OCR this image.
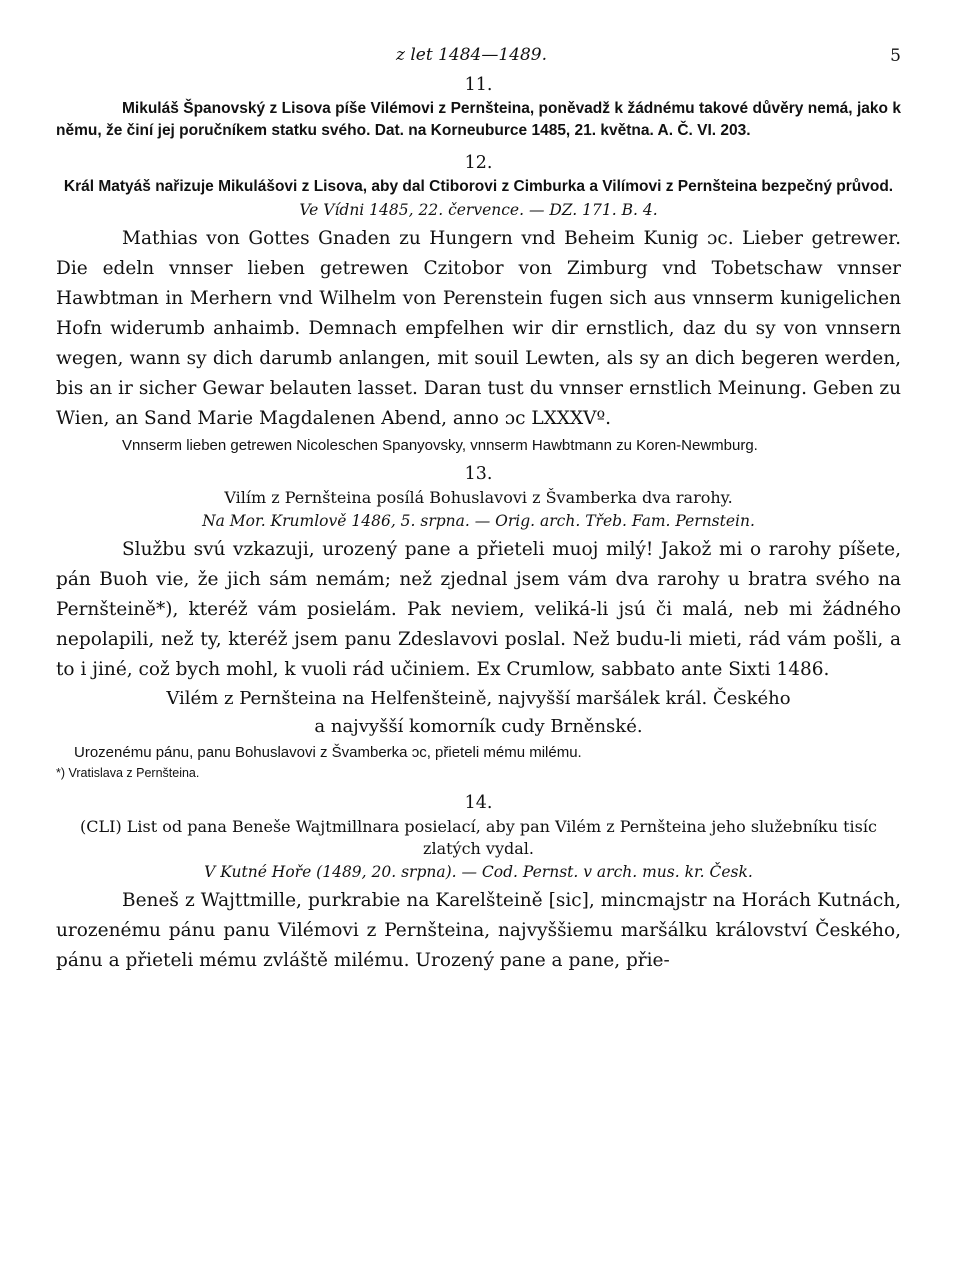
z let 1484—1489.	5

11.

Mikuláš Španovský z Lisova píše Vilémovi z Pernšteina, poněvadž k žádnému takové důvěry nemá, jako k němu, že činí jej poručníkem statku svého. Dat. na Korneuburce 1485, 21. května. A. Č. VI. 203.

12.

Král Matyáš nařizuje Mikulášovi z Lisova, aby dal Ctiborovi z Cimburka a Vilímovi z Pernšteina bezpečný průvod.

Ve Vídni 1485, 22. července. — DZ. 171. B. 4.

Mathias von Gottes Gnaden zu Hungern vnd Beheim Kunig ɔc. Lieber getrewer. Die edeln vnnser lieben getrewen Czitobor von Zimburg vnd Tobetschaw vnnser Hawbtman in Merhern vnd Wilhelm von Perenstein fugen sich aus vnnserm kunigelichen Hofn widerumb anhaimb. Demnach empfelhen wir dir ernstlich, daz du sy von vnnsern wegen, wann sy dich darumb anlangen, mit souil Lewten, als sy an dich begeren werden, bis an ir sicher Gewar belauten lasset. Daran tust du vnnser ernstlich Meinung. Geben zu Wien, an Sand Marie Magdalenen Abend, anno ɔc LXXXVº.

Vnnserm lieben getrewen Nicoleschen Spanyovsky, vnnserm Hawbtmann zu Koren-Newmburg.

13.

Vilím z Pernšteina posílá Bohuslavovi z Švamberka dva rarohy.

Na Mor. Krumlově 1486, 5. srpna. — Orig. arch. Třeb. Fam. Pernstein.

Službu svú vzkazuji, urozený pane a přieteli muoj milý! Jakož mi o rarohy píšete, pán Buoh vie, že jich sám nemám; než zjednal jsem vám dva rarohy u bratra svého na Pernšteině*), kteréž vám posielám. Pak neviem, veliká-li jsú či malá, neb mi žádného nepolapili, než ty, kteréž jsem panu Zdeslavovi poslal. Než budu-li mieti, rád vám pošli, a to i jiné, což bych mohl, k vuoli rád učiniem. Ex Crumlow, sabbato ante Sixti 1486.

Vilém z Pernšteina na Helfenšteině, najvyšší maršálek král. Českého

a najvyšší komorník cudy Brněnské.

Urozenému pánu, panu Bohuslavovi z Švamberka ɔc, přieteli mému milému.

*) Vratislava z Pernšteina.

14.

(CLI) List od pana Beneše Wajtmillnara posielací, aby pan Vilém z Pernšteina jeho služebníku tisíc zlatých vydal.

V Kutné Hoře (1489, 20. srpna). — Cod. Pernst. v arch. mus. kr. Česk.

Beneš z Wajttmille, purkrabie na Karelšteině [sic], mincmajstr na Horách Kutnách, urozenému pánu panu Vilémovi z Pernšteina, najvyššiemu maršálku království Českého, pánu a přieteli mému zvláště milému. Urozený pane a pane, přie-
